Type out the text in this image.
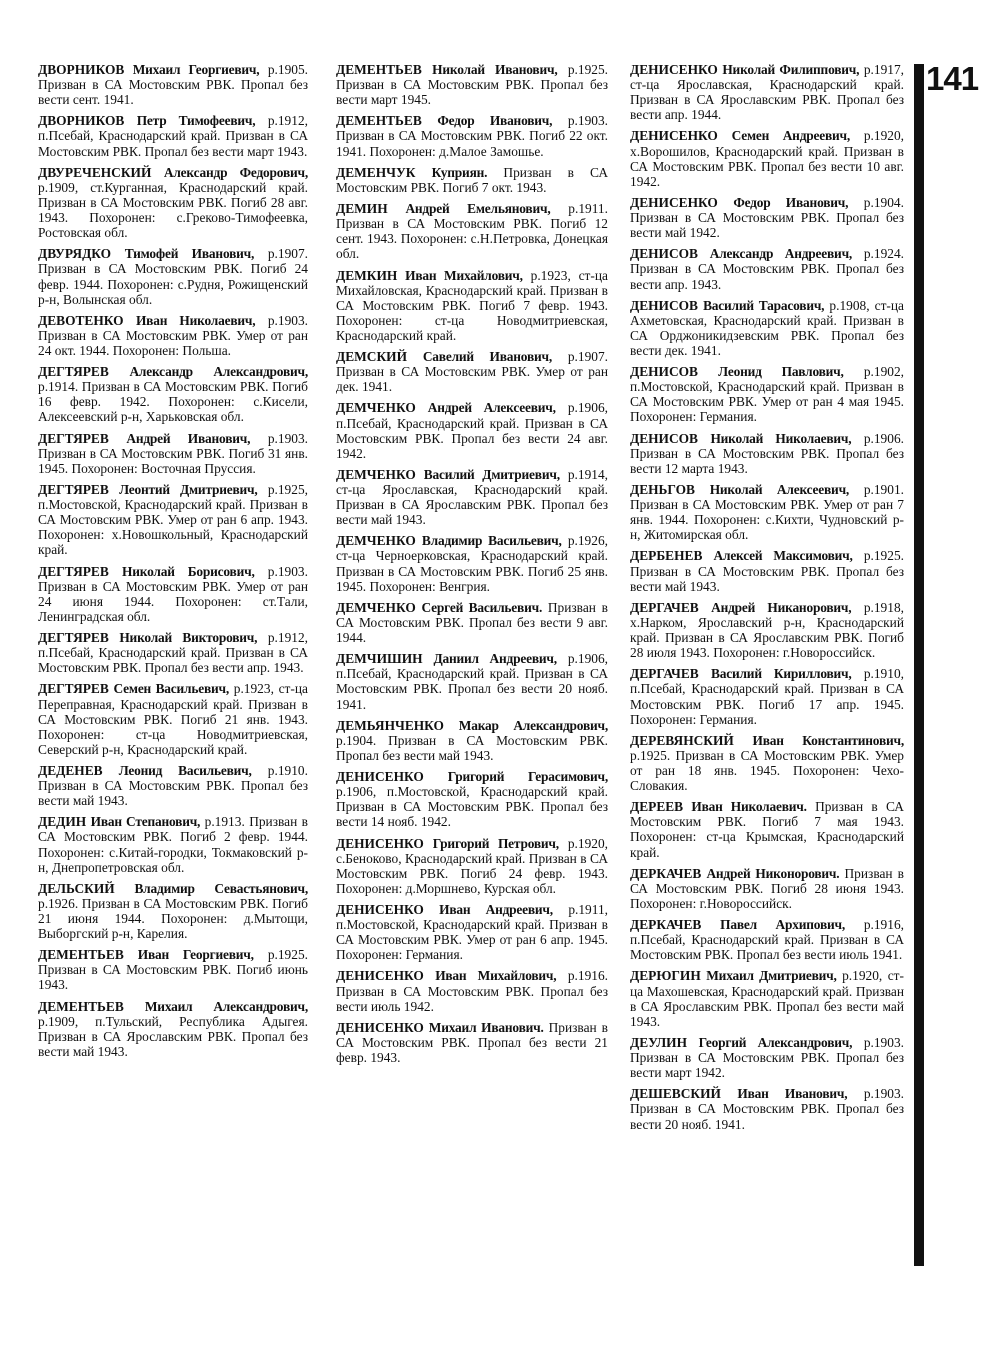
141

ДВОРНИКОВ Михаил Георгиевич, р.1905. Призван в СА Мостовским РВК. Пропал без вести сент. 1941.

ДВОРНИКОВ Петр Тимофеевич, р.1912, п.Псебай, Краснодарский край. Призван в СА Мостовским РВК. Пропал без вести март 1943.

ДВУРЕЧЕНСКИЙ Александр Федорович, р.1909, ст.Курганная, Краснодарский край. Призван в СА Мостовским РВК. Погиб 28 авг. 1943. Похоронен: с.Греково-Тимофеевка, Ростовская обл.

ДВУРЯДКО Тимофей Иванович, р.1907. Призван в СА Мостовским РВК. Погиб 24 февр. 1944. Похоронен: с.Рудня, Рожищенский р-н, Волынская обл.

ДЕВОТЕНКО Иван Николаевич, р.1903. Призван в СА Мостовским РВК. Умер от ран 24 окт. 1944. Похоронен: Польша.

ДЕГТЯРЕВ Александр Александрович, р.1914. Призван в СА Мостовским РВК. Погиб 16 февр. 1942. Похоронен: с.Кисели, Алексеевский р-н, Харьковская обл.

ДЕГТЯРЕВ Андрей Иванович, р.1903. Призван в СА Мостовским РВК. Погиб 31 янв. 1945. Похоронен: Восточная Пруссия.

ДЕГТЯРЕВ Леонтий Дмитриевич, р.1925, п.Мостовской, Краснодарский край. Призван в СА Мостовским РВК. Умер от ран 6 апр. 1943. Похоронен: х.Новошкольный, Краснодарский край.

ДЕГТЯРЕВ Николай Борисович, р.1903. Призван в СА Мостовским РВК. Умер от ран 24 июня 1944. Похоронен: ст.Тали, Ленинградская обл.

ДЕГТЯРЕВ Николай Викторович, р.1912, п.Псебай, Краснодарский край. Призван в СА Мостовским РВК. Пропал без вести апр. 1943.

ДЕГТЯРЕВ Семен Васильевич, р.1923, ст-ца Переправная, Краснодарский край. Призван в СА Мостовским РВК. Погиб 21 янв. 1943. Похоронен: ст-ца Новодмитриевская, Северский р-н, Краснодарский край.

ДЕДЕНЕВ Леонид Васильевич, р.1910. Призван в СА Мостовским РВК. Пропал без вести май 1943.

ДЕДИН Иван Степанович, р.1913. Призван в СА Мостовским РВК. Погиб 2 февр. 1944. Похоронен: с.Китай-городки, Токмаковский р-н, Днепропетровская обл.

ДЕЛЬСКИЙ Владимир Севастьянович, р.1926. Призван в СА Мостовским РВК. Погиб 21 июня 1944. Похоронен: д.Мытощи, Выборгский р-н, Карелия.

ДЕМЕНТЬЕВ Иван Георгиевич, р.1925. Призван в СА Мостовским РВК. Погиб июнь 1943.

ДЕМЕНТЬЕВ Михаил Александрович, р.1909, п.Тульский, Республика Адыгея. Призван в СА Ярославским РВК. Пропал без вести май 1943.

ДЕМЕНТЬЕВ Николай Иванович, р.1925. Призван в СА Мостовским РВК. Пропал без вести март 1945.

ДЕМЕНТЬЕВ Федор Иванович, р.1903. Призван в СА Мостовским РВК. Погиб 22 окт. 1941. Похоронен: д.Малое Замошье.

ДЕМЕНЧУК Куприян. Призван в СА Мостовским РВК. Погиб 7 окт. 1943.

ДЕМИН Андрей Емельянович, р.1911. Призван в СА Мостовским РВК. Погиб 12 сент. 1943. Похоронен: с.Н.Петровка, Донецкая обл.

ДЕМКИН Иван Михайлович, р.1923, ст-ца Михайловская, Краснодарский край. Призван в СА Мостовским РВК. Погиб 7 февр. 1943. Похоронен: ст-ца Новодмитриевская, Краснодарский край.

ДЕМСКИЙ Савелий Иванович, р.1907. Призван в СА Мостовским РВК. Умер от ран дек. 1941.

ДЕМЧЕНКО Андрей Алексеевич, р.1906, п.Псебай, Краснодарский край. Призван в СА Мостовским РВК. Пропал без вести 24 авг. 1942.

ДЕМЧЕНКО Василий Дмитриевич, р.1914, ст-ца Ярославская, Краснодарский край. Призван в СА Ярославским РВК. Пропал без вести май 1943.

ДЕМЧЕНКО Владимир Васильевич, р.1926, ст-ца Черноерковская, Краснодарский край. Призван в СА Мостовским РВК. Погиб 25 янв. 1945. Похоронен: Венгрия.

ДЕМЧЕНКО Сергей Васильевич. Призван в СА Мостовским РВК. Пропал без вести 9 авг. 1944.

ДЕМЧИШИН Даниил Андреевич, р.1906, п.Псебай, Краснодарский край. Призван в СА Мостовским РВК. Пропал без вести 20 нояб. 1941.

ДЕМЬЯНЧЕНКО Макар Александрович, р.1904. Призван в СА Мостовским РВК. Пропал без вести май 1943.

ДЕНИСЕНКО Григорий Герасимович, р.1906, п.Мостовской, Краснодарский край. Призван в СА Мостовским РВК. Пропал без вести 14 нояб. 1942.

ДЕНИСЕНКО Григорий Петрович, р.1920, с.Беноково, Краснодарский край. Призван в СА Мостовским РВК. Погиб 24 февр. 1943. Похоронен: д.Моршнево, Курская обл.

ДЕНИСЕНКО Иван Андреевич, р.1911, п.Мостовской, Краснодарский край. Призван в СА Мостовским РВК. Умер от ран 6 апр. 1945. Похоронен: Германия.

ДЕНИСЕНКО Иван Михайлович, р.1916. Призван в СА Мостовским РВК. Пропал без вести июль 1942.

ДЕНИСЕНКО Михаил Иванович. Призван в СА Мостовским РВК. Пропал без вести 21 февр. 1943.

ДЕНИСЕНКО Николай Филиппович, р.1917, ст-ца Ярославская, Краснодарский край. Призван в СА Ярославским РВК. Пропал без вести апр. 1944.

ДЕНИСЕНКО Семен Андреевич, р.1920, х.Ворошилов, Краснодарский край. Призван в СА Мостовским РВК. Пропал без вести 10 авг. 1942.

ДЕНИСЕНКО Федор Иванович, р.1904. Призван в СА Мостовским РВК. Пропал без вести май 1942.

ДЕНИСОВ Александр Андреевич, р.1924. Призван в СА Мостовским РВК. Пропал без вести апр. 1943.

ДЕНИСОВ Василий Тарасович, р.1908, ст-ца Ахметовская, Краснодарский край. Призван в СА Орджоникидзевским РВК. Пропал без вести дек. 1941.

ДЕНИСОВ Леонид Павлович, р.1902, п.Мостовской, Краснодарский край. Призван в СА Мостовским РВК. Умер от ран 4 мая 1945. Похоронен: Германия.

ДЕНИСОВ Николай Николаевич, р.1906. Призван в СА Мостовским РВК. Пропал без вести 12 марта 1943.

ДЕНЬГОВ Николай Алексеевич, р.1901. Призван в СА Мостовским РВК. Умер от ран 7 янв. 1944. Похоронен: с.Кихти, Чудновский р-н, Житомирская обл.

ДЕРБЕНЕВ Алексей Максимович, р.1925. Призван в СА Мостовским РВК. Пропал без вести май 1943.

ДЕРГАЧЕВ Андрей Никанорович, р.1918, х.Нарком, Ярославский р-н, Краснодарский край. Призван в СА Ярославским РВК. Погиб 28 июля 1943. Похоронен: г.Новороссийск.

ДЕРГАЧЕВ Василий Кириллович, р.1910, п.Псебай, Краснодарский край. Призван в СА Мостовским РВК. Погиб 17 апр. 1945. Похоронен: Германия.

ДЕРЕВЯНСКИЙ Иван Константинович, р.1925. Призван в СА Мостовским РВК. Умер от ран 18 янв. 1945. Похоронен: Чехо-Словакия.

ДЕРЕЕВ Иван Николаевич. Призван в СА Мостовским РВК. Погиб 7 мая 1943. Похоронен: ст-ца Крымская, Краснодарский край.

ДЕРКАЧЕВ Андрей Никонорович. Призван в СА Мостовским РВК. Погиб 28 июня 1943. Похоронен: г.Новороссийск.

ДЕРКАЧЕВ Павел Архипович, р.1916, п.Псебай, Краснодарский край. Призван в СА Мостовским РВК. Пропал без вести июль 1941.

ДЕРЮГИН Михаил Дмитриевич, р.1920, ст-ца Махошевская, Краснодарский край. Призван в СА Ярославским РВК. Пропал без вести май 1943.

ДЕУЛИН Георгий Александрович, р.1903. Призван в СА Мостовским РВК. Пропал без вести март 1942.

ДЕШЕВСКИЙ Иван Иванович, р.1903. Призван в СА Мостовским РВК. Пропал без вести 20 нояб. 1941.
